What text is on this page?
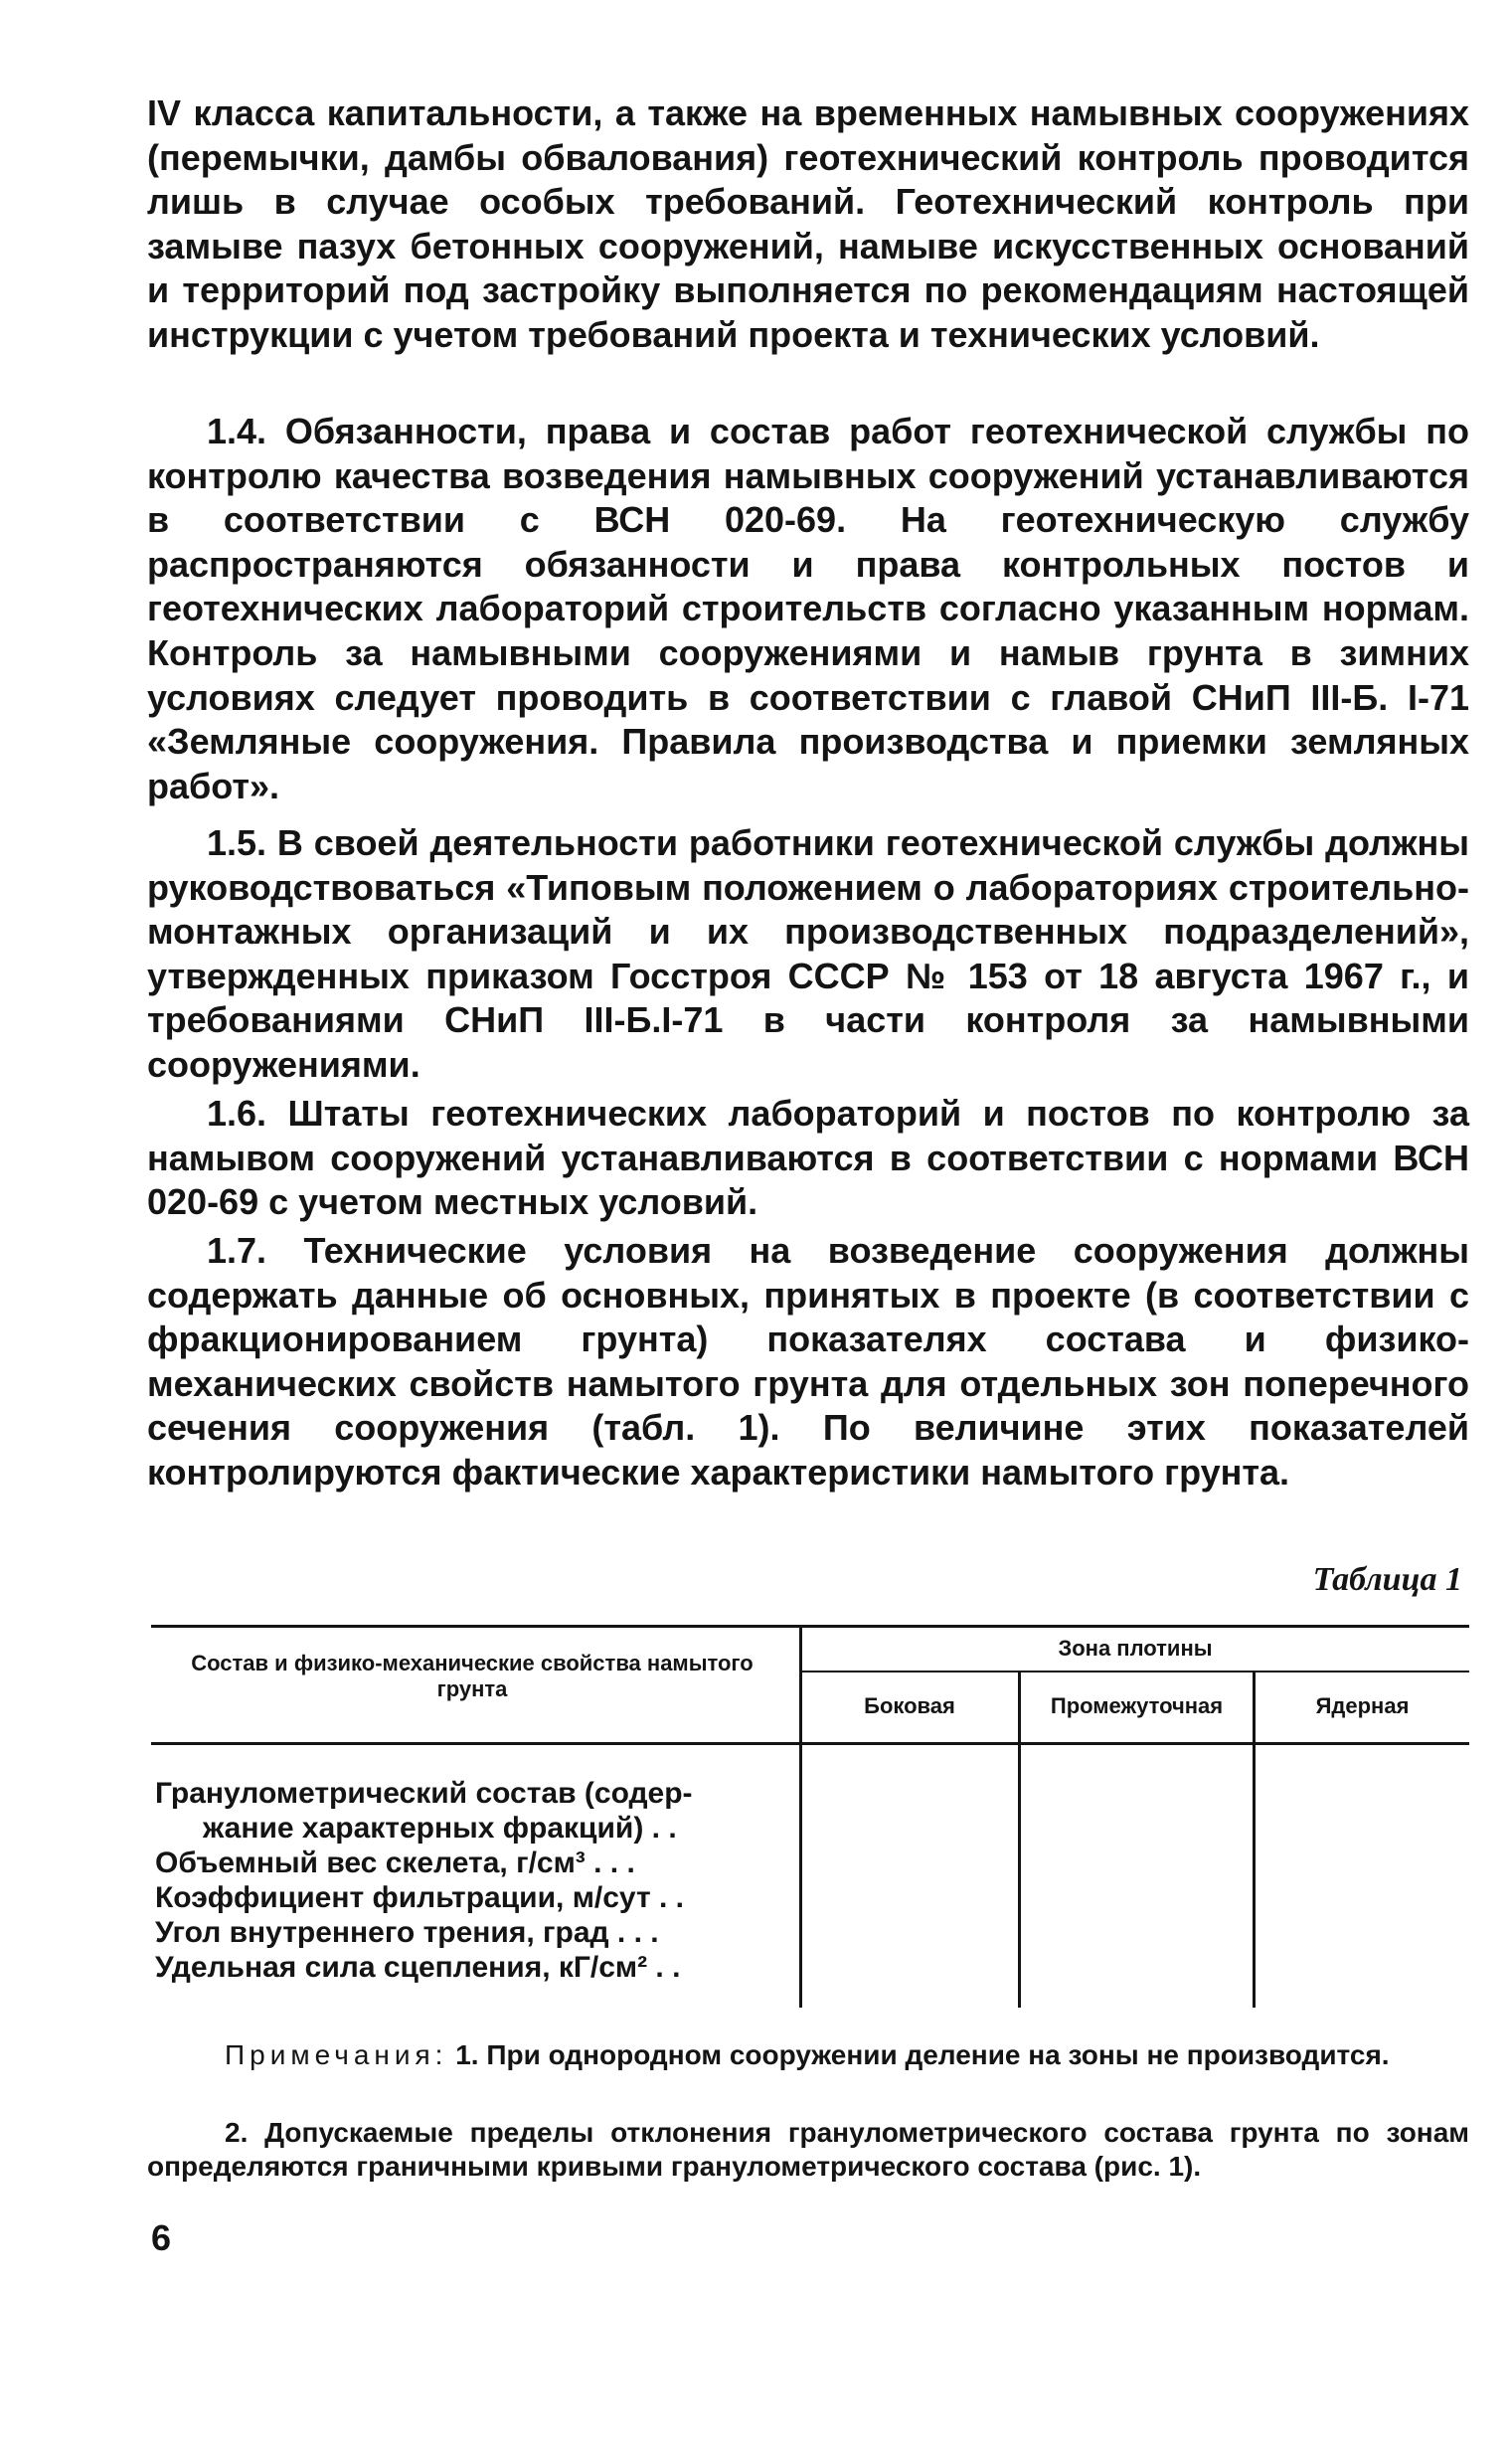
IV класса капитальности, а также на временных намывных сооружениях (перемычки, дамбы обвалования) геотехнический контроль проводится лишь в случае особых требований. Геотехнический контроль при замыве пазух бетонных сооружений, намыве искусственных оснований и территорий под застройку выполняется по рекомендациям настоящей инструкции с учетом требований проекта и технических условий.

1.4. Обязанности, права и состав работ геотехнической службы по контролю качества возведения намывных сооружений устанавливаются в соответствии с ВСН 020-69. На геотехническую службу распространяются обязанности и права контрольных постов и геотехнических лабораторий строительств согласно указанным нормам. Контроль за намывными сооружениями и намыв грунта в зимних условиях следует проводить в соответствии с главой СНиП III-Б. I-71 «Земляные сооружения. Правила производства и приемки земляных работ».

1.5. В своей деятельности работники геотехнической службы должны руководствоваться «Типовым положением о лабораториях строительно-монтажных организаций и их производственных подразделений», утвержденных приказом Госстроя СССР № 153 от 18 августа 1967 г., и требованиями СНиП III-Б.I-71 в части контроля за намывными сооружениями.

1.6. Штаты геотехнических лабораторий и постов по контролю за намывом сооружений устанавливаются в соответствии с нормами ВСН 020-69 с учетом местных условий.

1.7. Технические условия на возведение сооружения должны содержать данные об основных, принятых в проекте (в соответствии с фракционированием грунта) показателях состава и физико-механических свойств намытого грунта для отдельных зон поперечного сечения сооружения (табл. 1). По величине этих показателей контролируются фактические характеристики намытого грунта.

Таблица 1
Состав и физико-механические свойства намытого грунта
Зона плотины
Боковая	Промежуточная	Ядерная
Гранулометрический состав (содер-
жание характерных фракций) . .
Объемный вес скелета, г/см³ . . .
Коэффициент фильтрации, м/сут . .
Угол внутреннего трения, град . . .
Удельная сила сцепления, кГ/см² . .

Примечания: 1. При однородном сооружении деление на зоны не производится.

2. Допускаемые пределы отклонения гранулометрического состава грунта по зонам определяются граничными кривыми гранулометрического состава (рис. 1).

6
